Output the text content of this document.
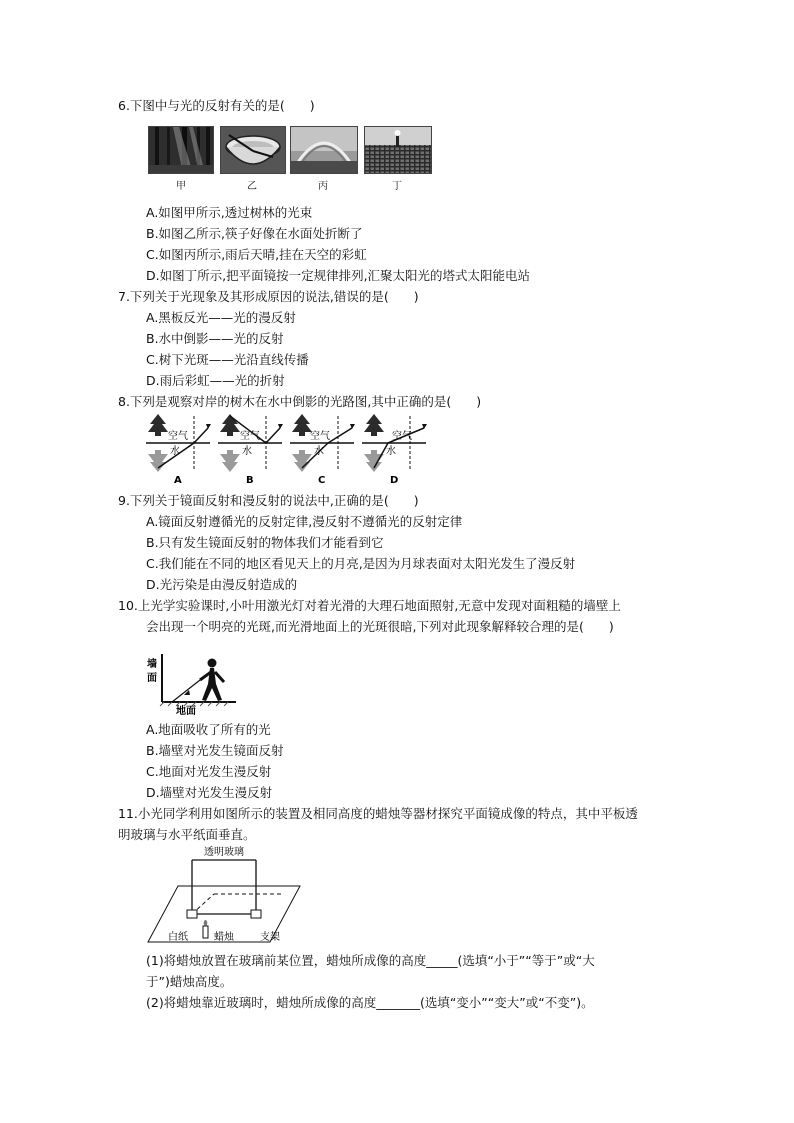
6.下图中与光的反射有关的是(　　)
甲	乙	丙	丁
A.如图甲所示,透过树林的光束
B.如图乙所示,筷子好像在水面处折断了
C.如图丙所示,雨后天晴,挂在天空的彩虹
D.如图丁所示,把平面镜按一定规律排列,汇聚太阳光的塔式太阳能电站
7.下列关于光现象及其形成原因的说法,错误的是(　　)
A.黑板反光——光的漫反射
B.水中倒影——光的反射
C.树下光斑——光沿直线传播
D.雨后彩虹——光的折射
8.下列是观察对岸的树木在水中倒影的光路图,其中正确的是(　　)
空气
水
A
空气
水
B
空气
水
C
空气
水
D
9.下列关于镜面反射和漫反射的说法中,正确的是(　　)
A.镜面反射遵循光的反射定律,漫反射不遵循光的反射定律
B.只有发生镜面反射的物体我们才能看到它
C.我们能在不同的地区看见天上的月亮,是因为月球表面对太阳光发生了漫反射
D.光污染是由漫反射造成的
10.上光学实验课时,小叶用激光灯对着光滑的大理石地面照射,无意中发现对面粗糙的墙壁上
会出现一个明亮的光斑,而光滑地面上的光斑很暗,下列对此现象解释较合理的是(　　)
墙
面
地面
A.地面吸收了所有的光
B.墙壁对光发生镜面反射
C.地面对光发生漫反射
D.墙壁对光发生漫反射
11.小光同学利用如图所示的装置及相同高度的蜡烛等器材探究平面镜成像的特点，其中平板透
明玻璃与水平纸面垂直。
透明玻璃
白纸	蜡烛	支架
(1)将蜡烛放置在玻璃前某位置，蜡烛所成像的高度_____(选填“小于”“等于”或“大
于”)蜡烛高度。
(2)将蜡烛靠近玻璃时，蜡烛所成像的高度_______(选填“变小”“变大”或“不变”)。
